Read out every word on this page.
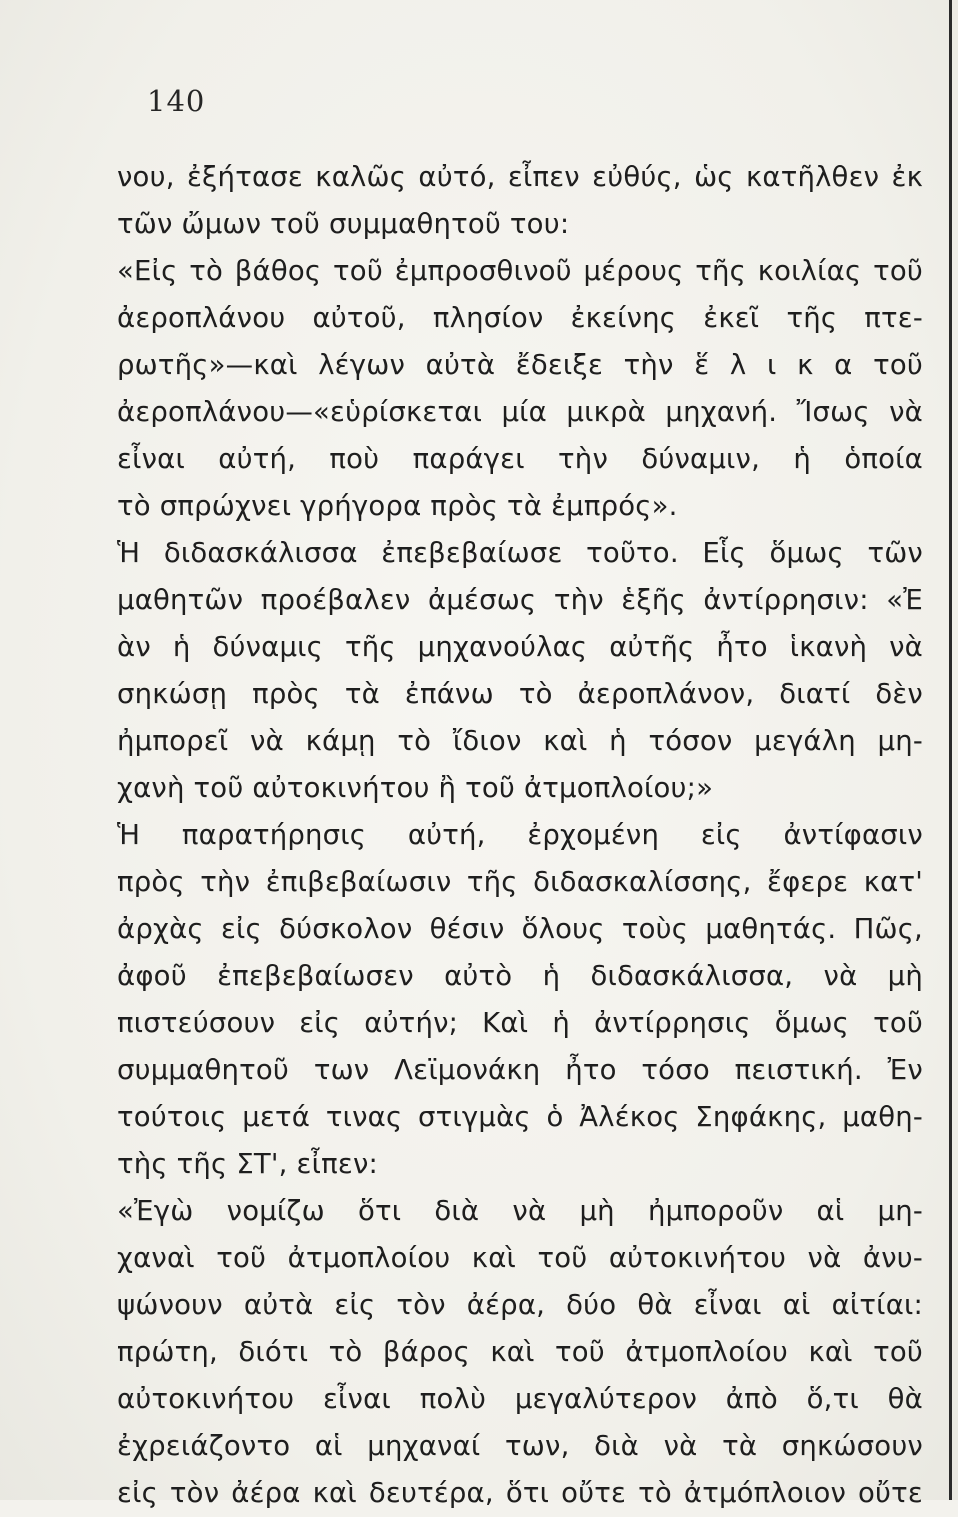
140
νου, ἐξήτασε καλῶς αὐτό, εἶπεν εὐθύς, ὡς κατῆλθεν ἐκ
τῶν ὤμων τοῦ συμμαθητοῦ του:
«Εἰς τὸ βάθος τοῦ ἐμπροσθινοῦ μέρους τῆς κοιλίας τοῦ
ἀεροπλάνου αὐτοῦ, πλησίον ἐκείνης ἐκεῖ τῆς πτε-
ρωτῆς»—καὶ λέγων αὐτὰ ἔδειξε τὴν ἕ λ ι κ α τοῦ
ἀεροπλάνου—«εὑρίσκεται μία μικρὰ μηχανή. Ἴσως νὰ
εἶναι αὐτή, ποὺ παράγει τὴν δύναμιν, ἡ ὁποία
τὸ σπρώχνει γρήγορα πρὸς τὰ ἐμπρός».
Ἡ διδασκάλισσα ἐπεβεβαίωσε τοῦτο. Εἷς ὅμως τῶν
μαθητῶν προέβαλεν ἀμέσως τὴν ἑξῆς ἀντίρρησιν: «Ἐ
ὰν ἡ δύναμις τῆς μηχανούλας αὐτῆς ἦτο ἱκανὴ νὰ
σηκώσῃ πρὸς τὰ ἐπάνω τὸ ἀεροπλάνον, διατί δὲν
ἠμπορεῖ νὰ κάμῃ τὸ ἴδιον καὶ ἡ τόσον μεγάλη μη-
χανὴ τοῦ αὐτοκινήτου ἢ τοῦ ἀτμοπλοίου;»
Ἡ παρατήρησις αὐτή, ἐρχομένη εἰς ἀντίφασιν
πρὸς τὴν ἐπιβεβαίωσιν τῆς διδασκαλίσσης, ἔφερε κατ'
ἀρχὰς εἰς δύσκολον θέσιν ὅλους τοὺς μαθητάς. Πῶς,
ἀφοῦ ἐπεβεβαίωσεν αὐτὸ ἡ διδασκάλισσα, νὰ μὴ
πιστεύσουν εἰς αὐτήν; Καὶ ἡ ἀντίρρησις ὅμως τοῦ
συμμαθητοῦ των Λεϊμονάκη ἦτο τόσο πειστική. Ἐν
τούτοις μετά τινας στιγμὰς ὁ Ἀλέκος Σηφάκης, μαθη-
τὴς τῆς ΣΤ', εἶπεν:
«Ἐγὼ νομίζω ὅτι διὰ νὰ μὴ ἠμποροῦν αἱ μη-
χαναὶ τοῦ ἀτμοπλοίου καὶ τοῦ αὐτοκινήτου νὰ ἀνυ-
ψώνουν αὐτὰ εἰς τὸν ἀέρα, δύο θὰ εἶναι αἱ αἰτίαι:
πρώτη, διότι τὸ βάρος καὶ τοῦ ἀτμοπλοίου καὶ τοῦ
αὐτοκινήτου εἶναι πολὺ μεγαλύτερον ἀπὸ ὅ,τι θὰ
ἐχρειάζοντο αἱ μηχαναί των, διὰ νὰ τὰ σηκώσουν
εἰς τὸν ἀέρα καὶ δευτέρα, ὅτι οὔτε τὸ ἀτμόπλοιον οὔτε
